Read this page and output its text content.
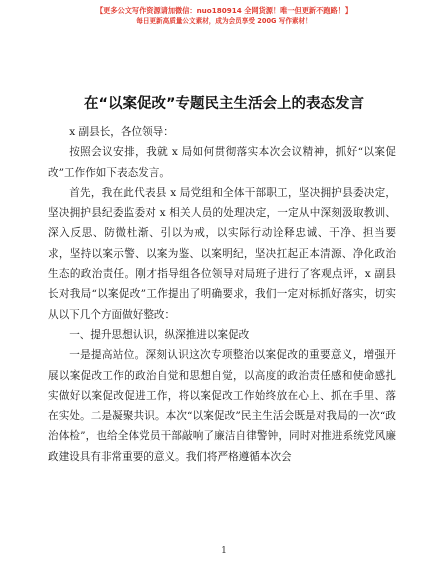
【更多公文写作资源请加微信：nuo180914 全网货源！唯一但更新不跑路！】
每日更新高质量公文素材，成为会员享受 200G 写作素材！
在“以案促改”专题民主生活会上的表态发言

x 副县长，各位领导：

按照会议安排，我就 x 局如何贯彻落实本次会议精神，抓好“以案促改”工作作如下表态发言。

首先，我在此代表县 x 局党组和全体干部职工，坚决拥护县委决定，坚决拥护县纪委监委对 x 相关人员的处理决定，一定从中深刻汲取教训、深入反思、防微杜渐、引以为戒，以实际行动诠释忠诚、干净、担当要求，坚持以案示警、以案为鉴、以案明纪，坚决扛起正本清源、净化政治生态的政治责任。刚才指导组各位领导对局班子进行了客观点评，x 副县长对我局“以案促改”工作提出了明确要求，我们一定对标抓好落实，切实从以下几个方面做好整改：

一、提升思想认识，纵深推进以案促改

一是提高站位。深刻认识这次专项整治以案促改的重要意义，增强开展以案促改工作的政治自觉和思想自觉，以高度的政治责任感和使命感扎实做好以案促改促进工作，将以案促改工作始终放在心上、抓在手里、落在实处。二是凝聚共识。本次“以案促改”民主生活会既是对我局的一次“政治体检”，也给全体党员干部敲响了廉洁自律警钟，同时对推进系统党风廉政建设具有非常重要的意义。我们将严格遵循本次会

1
